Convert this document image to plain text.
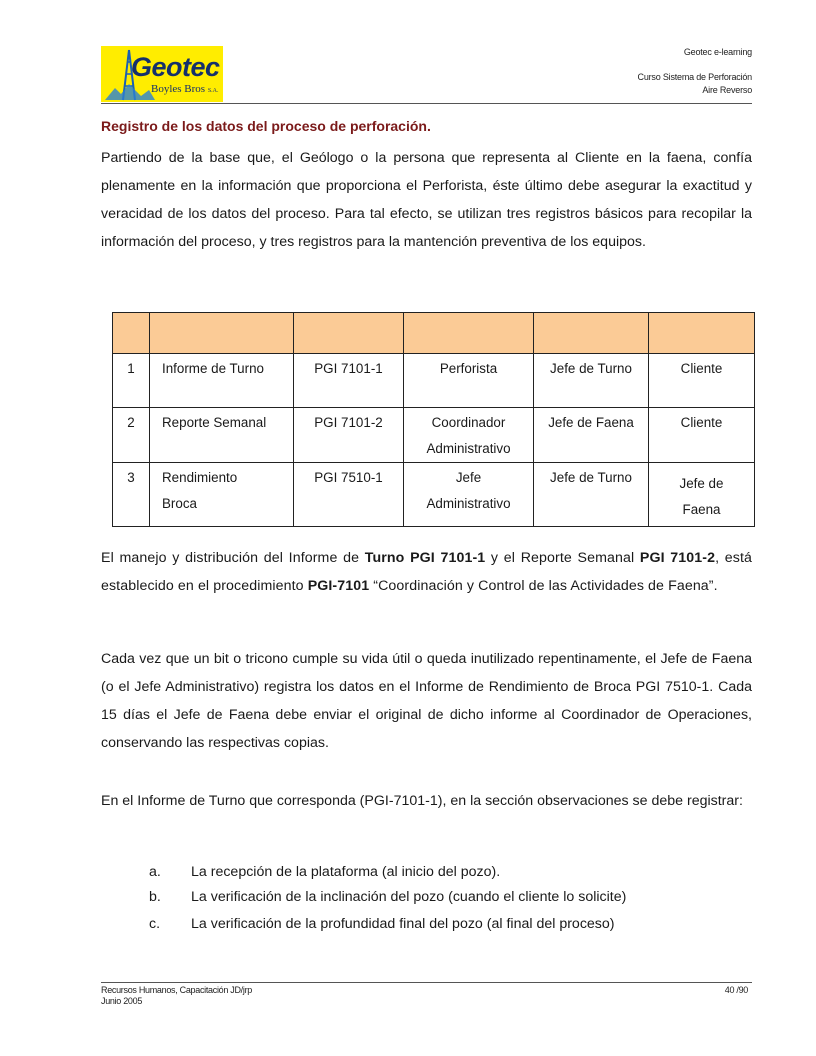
Geotec
Boyles Bros S.A.
Geotec e-learning
Curso Sistema de Perforación
Aire Reverso
Registro de los datos del proceso de perforación.
Partiendo de la base que, el Geólogo o la persona que representa al Cliente en la faena, confía plenamente en la información que proporciona el Perforista, éste último debe asegurar la exactitud y veracidad de los datos del proceso. Para tal efecto, se utilizan tres registros básicos para recopilar la información del proceso, y tres registros para la mantención preventiva de los equipos.

1	Informe de Turno	PGI 7101-1	Perforista	Jefe de Turno	Cliente
2	Reporte Semanal	PGI 7101-2	Coordinador Administrativo	Jefe de Faena	Cliente
3	Rendimiento Broca	PGI 7510-1	Jefe Administrativo	Jefe de Turno	Jefe de Faena
El manejo y distribución del Informe de Turno PGI 7101-1 y el Reporte Semanal PGI 7101-2, está establecido en el procedimiento PGI-7101 “Coordinación y Control de las Actividades de Faena”.
Cada vez que un bit o tricono cumple su vida útil o queda inutilizado repentinamente, el Jefe de Faena (o el Jefe Administrativo) registra los datos en el Informe de Rendimiento de Broca PGI 7510-1. Cada 15 días el Jefe de Faena debe enviar el original de dicho informe al Coordinador de Operaciones, conservando las respectivas copias.
En el Informe de Turno que corresponda (PGI-7101-1), en la sección observaciones se debe registrar:
a. La recepción de la plataforma (al inicio del pozo).
b. La verificación de la inclinación del pozo (cuando el cliente lo solicite)
c. La verificación de la profundidad final del pozo (al final del proceso)
Recursos Humanos, Capacitación JD/jrp
Junio 2005
40 /90
